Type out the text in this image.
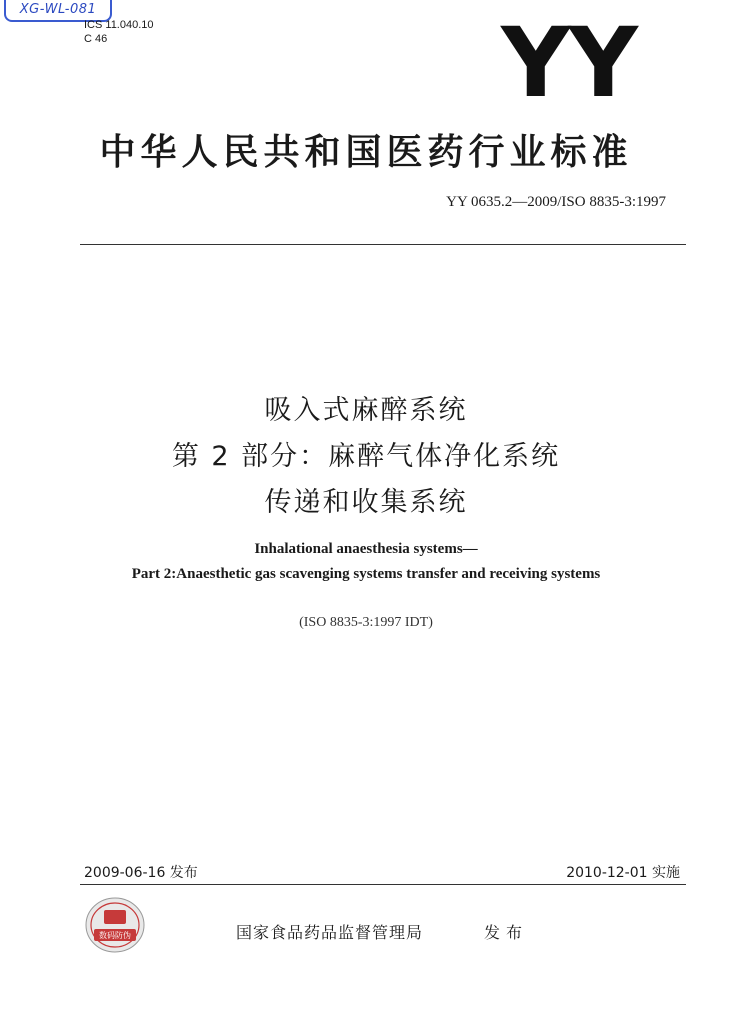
XG-WL-081
ICS 11.040.10
C 46	YY
中华人民共和国医药行业标准
YY 0635.2—2009/ISO 8835-3:1997
吸入式麻醉系统
第 2 部分：麻醉气体净化系统
传递和收集系统
Inhalational anaesthesia systems—
Part 2:Anaesthetic gas scavenging systems transfer and receiving systems
(ISO 8835-3:1997 IDT)
2009-06-16 发布	2010-12-01 实施
数码防伪	国家食品药品监督管理局	发布
